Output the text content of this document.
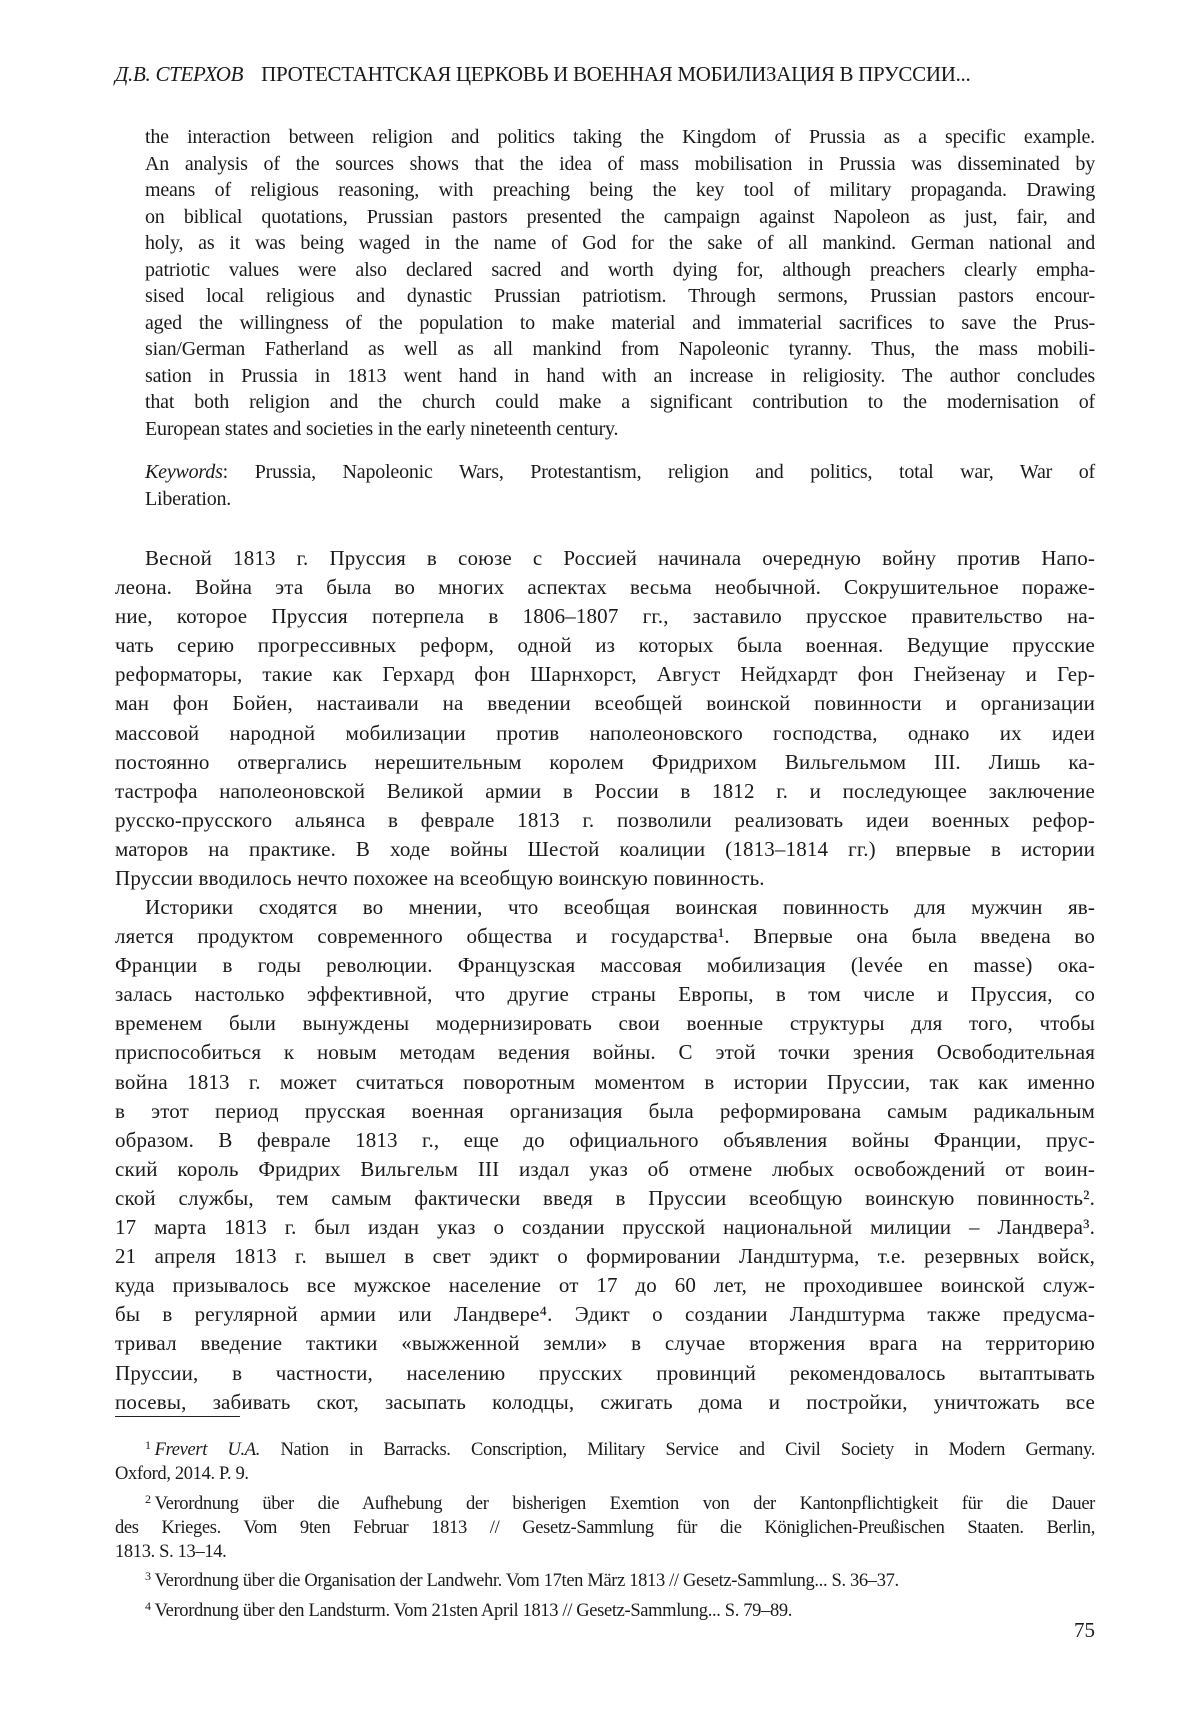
Д.В. СТЕРХОВ ПРОТЕСТАНТСКАЯ ЦЕРКОВЬ И ВОЕННАЯ МОБИЛИЗАЦИЯ В ПРУССИИ...
the interaction between religion and politics taking the Kingdom of Prussia as a specific example.
An analysis of the sources shows that the idea of mass mobilisation in Prussia was disseminated by
means of religious reasoning, with preaching being the key tool of military propaganda. Drawing
on biblical quotations, Prussian pastors presented the campaign against Napoleon as just, fair, and
holy, as it was being waged in the name of God for the sake of all mankind. German national and
patriotic values were also declared sacred and worth dying for, although preachers clearly empha-
sised local religious and dynastic Prussian patriotism. Through sermons, Prussian pastors encour-
aged the willingness of the population to make material and immaterial sacrifices to save the Prus-
sian/German Fatherland as well as all mankind from Napoleonic tyranny. Thus, the mass mobili-
sation in Prussia in 1813 went hand in hand with an increase in religiosity. The author concludes
that both religion and the church could make a significant contribution to the modernisation of
European states and societies in the early nineteenth century.
Keywords: Prussia, Napoleonic Wars, Protestantism, religion and politics, total war, War of
Liberation.
Весной 1813 г. Пруссия в союзе с Россией начинала очередную войну против Напо-
леона. Война эта была во многих аспектах весьма необычной. Сокрушительное пораже-
ние, которое Пруссия потерпела в 1806–1807 гг., заставило прусское правительство на-
чать серию прогрессивных реформ, одной из которых была военная. Ведущие прусские
реформаторы, такие как Герхард фон Шарнхорст, Август Нейдхардт фон Гнейзенау и Гер-
ман фон Бойен, настаивали на введении всеобщей воинской повинности и организации
массовой народной мобилизации против наполеоновского господства, однако их идеи
постоянно отвергались нерешительным королем Фридрихом Вильгельмом III. Лишь ка-
тастрофа наполеоновской Великой армии в России в 1812 г. и последующее заключение
русско-прусского альянса в феврале 1813 г. позволили реализовать идеи военных рефор-
маторов на практике. В ходе войны Шестой коалиции (1813–1814 гг.) впервые в истории
Пруссии вводилось нечто похожее на всеобщую воинскую повинность.
Историки сходятся во мнении, что всеобщая воинская повинность для мужчин яв-
ляется продуктом современного общества и государства¹. Впервые она была введена во
Франции в годы революции. Французская массовая мобилизация (levée en masse) ока-
залась настолько эффективной, что другие страны Европы, в том числе и Пруссия, со
временем были вынуждены модернизировать свои военные структуры для того, чтобы
приспособиться к новым методам ведения войны. С этой точки зрения Освободительная
война 1813 г. может считаться поворотным моментом в истории Пруссии, так как именно
в этот период прусская военная организация была реформирована самым радикальным
образом. В феврале 1813 г., еще до официального объявления войны Франции, прус-
ский король Фридрих Вильгельм III издал указ об отмене любых освобождений от воин-
ской службы, тем самым фактически введя в Пруссии всеобщую воинскую повинность².
17 марта 1813 г. был издан указ о создании прусской национальной милиции – Ландвера³.
21 апреля 1813 г. вышел в свет эдикт о формировании Ландштурма, т.е. резервных войск,
куда призывалось все мужское население от 17 до 60 лет, не проходившее воинской служ-
бы в регулярной армии или Ландвере⁴. Эдикт о создании Ландштурма также предусма-
тривал введение тактики «выжженной земли» в случае вторжения врага на территорию
Пруссии, в частности, населению прусских провинций рекомендовалось вытаптывать
посевы, забивать скот, засыпать колодцы, сжигать дома и постройки, уничтожать все
1 Frevert U.A. Nation in Barracks. Conscription, Military Service and Civil Society in Modern Germany.
Oxford, 2014. P. 9.
2 Verordnung über die Aufhebung der bisherigen Exemtion von der Kantonpflichtigkeit für die Dauer
des Krieges. Vom 9ten Februar 1813 // Gesetz-Sammlung für die Königlichen-Preußischen Staaten. Berlin,
1813. S. 13–14.
3 Verordnung über die Organisation der Landwehr. Vom 17ten März 1813 // Gesetz-Sammlung... S. 36–37.
4 Verordnung über den Landsturm. Vom 21sten April 1813 // Gesetz-Sammlung... S. 79–89.
75
